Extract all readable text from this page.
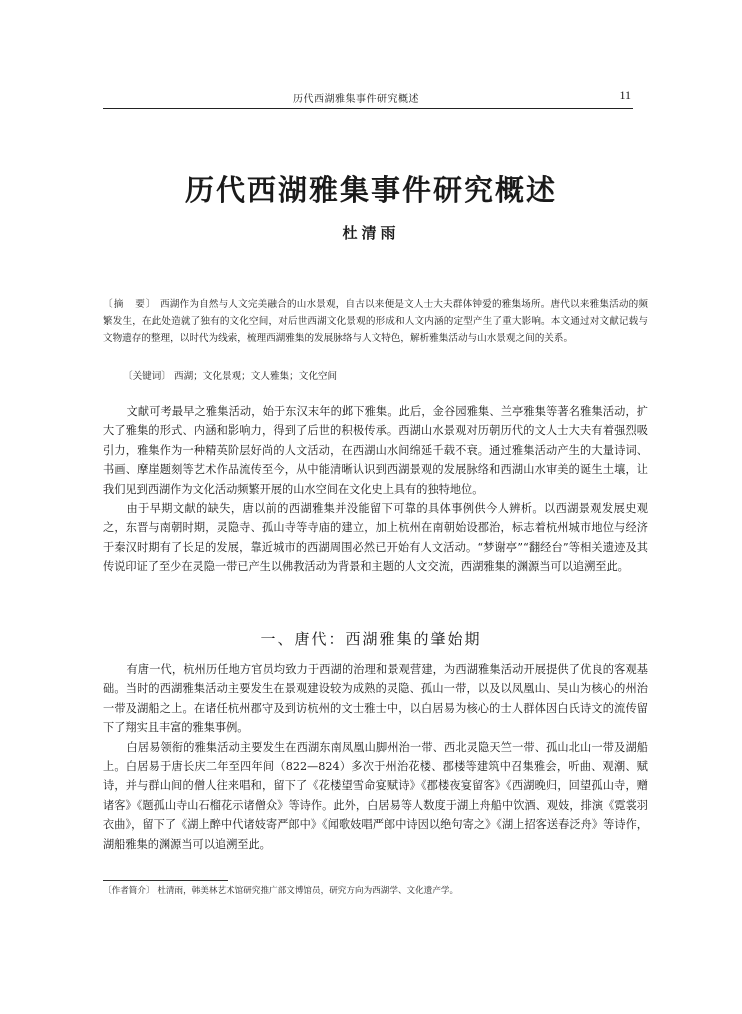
历代西湖雅集事件研究概述	11
历代西湖雅集事件研究概述
杜清雨
〔摘　要〕 西湖作为自然与人文完美融合的山水景观，自古以来便是文人士大夫群体钟爱的雅集场所。唐代以来雅集活动的频繁发生，在此处造就了独有的文化空间，对后世西湖文化景观的形成和人文内涵的定型产生了重大影响。本文通过对文献记载与文物遗存的整理，以时代为线索，梳理西湖雅集的发展脉络与人文特色，解析雅集活动与山水景观之间的关系。
〔关键词〕 西湖；文化景观；文人雅集；文化空间

文献可考最早之雅集活动，始于东汉末年的邺下雅集。此后，金谷园雅集、兰亭雅集等著名雅集活动，扩大了雅集的形式、内涵和影响力，得到了后世的积极传承。西湖山水景观对历朝历代的文人士大夫有着强烈吸引力，雅集作为一种精英阶层好尚的人文活动，在西湖山水间绵延千载不衰。通过雅集活动产生的大量诗词、书画、摩崖题刻等艺术作品流传至今，从中能清晰认识到西湖景观的发展脉络和西湖山水审美的诞生土壤，让我们见到西湖作为文化活动频繁开展的山水空间在文化史上具有的独特地位。

由于早期文献的缺失，唐以前的西湖雅集并没能留下可靠的具体事例供今人辨析。以西湖景观发展史观之，东晋与南朝时期，灵隐寺、孤山寺等寺庙的建立，加上杭州在南朝始设郡治，标志着杭州城市地位与经济于秦汉时期有了长足的发展，靠近城市的西湖周围必然已开始有人文活动。“梦谢亭”“翻经台”等相关遗迹及其传说印证了至少在灵隐一带已产生以佛教活动为背景和主题的人文交流，西湖雅集的渊源当可以追溯至此。

一、唐代：西湖雅集的肇始期

有唐一代，杭州历任地方官员均致力于西湖的治理和景观营建，为西湖雅集活动开展提供了优良的客观基础。当时的西湖雅集活动主要发生在景观建设较为成熟的灵隐、孤山一带，以及以凤凰山、吴山为核心的州治一带及湖船之上。在诸任杭州郡守及到访杭州的文士雅士中，以白居易为核心的士人群体因白氏诗文的流传留下了翔实且丰富的雅集事例。

白居易领衔的雅集活动主要发生在西湖东南凤凰山脚州治一带、西北灵隐天竺一带、孤山北山一带及湖船上。白居易于唐长庆二年至四年间（822—824）多次于州治花楼、郡楼等建筑中召集雅会，听曲、观潮、赋诗，并与群山间的僧人往来唱和，留下了《花楼望雪命宴赋诗》《郡楼夜宴留客》《西湖晚归，回望孤山寺，赠诸客》《题孤山寺山石榴花示诸僧众》等诗作。此外，白居易等人数度于湖上舟船中饮酒、观妓，排演《霓裳羽衣曲》，留下了《湖上醉中代诸妓寄严郎中》《闻歌妓唱严郎中诗因以绝句寄之》《湖上招客送春泛舟》等诗作，湖船雅集的渊源当可以追溯至此。

〔作者简介〕 杜清雨，韩美林艺术馆研究推广部文博馆员，研究方向为西湖学、文化遗产学。
